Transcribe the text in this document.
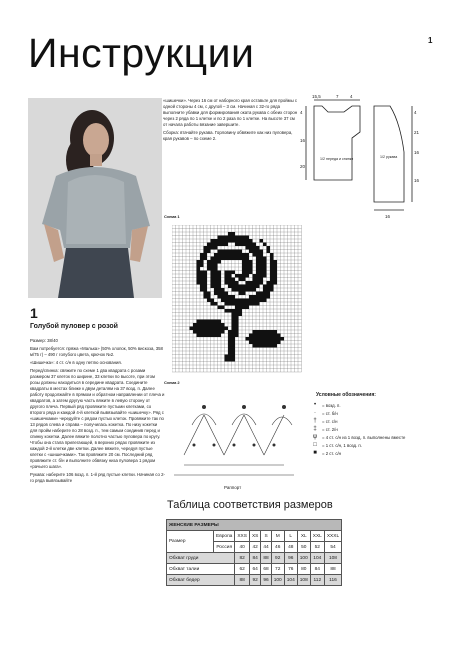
1
Инструкции
1
Голубой пуловер с розой

Размер: 38/40

Вам потребуется: пряжа «Малька» (50% хлопок, 50% вискоза, 358 м/75 г) – 490 г голубого цвета, крючок №2.

«Шишечка»: 4 ст. с/н в одну петлю основания.

Перед/спинка: свяжите по схеме 1 два квадрата с розами размером 37 клеток по ширине, 33 клетки по высоте, при этом розы должны находиться в середине квадрата. Соедините квадраты в местах ближе к двум деталям на 37 возд. п. Далее работу продолжайте в прямом и обратном направлении от плеча и квадратов, а затем другую часть вяжите в левую сторону от другого плеча. Первый ряд провяжите пустыми клетками, со второго ряда и каждой 4-й клеткой вывязывайте «шишечку». Ряд с «шишечками» чередуйте с рядом пустых клеток. Провяжите так по 13 рядов слева и справа – получилась кокетка. По низу кокетки для пройм наберите по 28 возд. п., тем самым соединив перед и спинку кокетки. Далее вяжите полотно частью пуловера по кругу. Чтобы она стала прилегающей, в верхних рядах провяжите из каждой 2-й клетки две клетки. Далее вяжите, чередуя пустые клетки с «шишечками». Так провяжите 20 см. Последний ряд провяжите ст. б/н и выполните обвязку низа пуловера 1 рядом «рачьего шага».

Рукава: наберите 106 возд. п. 1-й ряд пустые клетки. Начиная со 2-го ряда вывязывайте

«шишечки». Через 16 см от наборного края оставьте для проймы с одной стороны 4 см, с другой – 3 см. Начиная с 32-го ряда выполните убавки для формирования оката рукава с обеих сторон через 2 ряда по 1 клетке и по 2 раза по 1 клетке. На высоте 37 см от начала работы вязание завершите.

Сборка: втачайте рукава. Горловину обвяжите как низ пуловера, края рукавов – по схеме 2.

15,5	7	4
4
16
20
4
21
16
16
16
1/2 переда и спинки	1/2 рукава
Схема 1
Схема 2
Раппорт
Условные обозначения:
•	= возд. п.
·	= ст. б/н
†	= ст. с/н
‡	= ст. 2/н
ψ	= 4 ст. с/н из 1 возд. п. выполнены вместе
□	= 1 ст. с/н, 1 возд. п.
■	= 2 ст. с/н
Таблица соответствия размеров
ЖЕНСКИЕ РАЗМЕРЫ									
Размер	Европа	XXS	XS	S	M	L	XL	XXL	XXXL
	Россия	40	42	44	46	48	50	52	54
Обхват груди		82	84	88	92	96	100	104	108
Обхват талии		62	64	68	72	76	80	84	88
Обхват бедер		88	92	96	100	104	108	112	116
